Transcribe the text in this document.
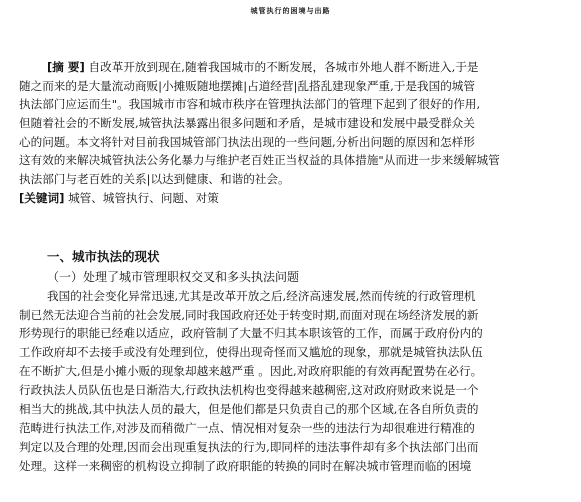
城管执行的困境与出路
[摘 要] 自改革开放到现在,随着我国城市的不断发展，各城市外地人群不断进入,于是
随之而来的是大量流动商贩|小摊贩随地摆摊|占道经营|乱搭乱建现象严重,于是我国的城管
执法部门应运而生"。我国城市市容和城市秩序在管理执法部门的管理下起到了很好的作用,
但随着社会的不断发展,城管执法暴露出很多问题和矛盾，是城市建设和发展中最受群众关
心的问题。本文将针对目前我国城管部门执法出现的一些问题,分析出问题的原因和怎样形
这有效的来解决城管执法公务化暴力与维护老百姓正当权益的具体措施"从而进一步来缓解城管
执法部门与老百姓的关系|以达到健康、和谐的社会。
[关键词] 城管、城管执行、问题、对策
一、城市执法的现状
（一）处理了城市管理职权交叉和多头执法问题
我国的社会变化异常迅速,尤其是改革开放之后,经济高速发展,然而传统的行政管理机
制已然无法迎合当前的社会发展,同时我国政府还处于转变时期,而面对现在场经济发展的新
形势现行的职能已经难以适应，政府管制了大量不归其本职该管的工作，而属于政府份内的
工作政府却不去接手或没有处理到位，使得出现奇怪而又尴尬的现象，那就是城管执法队伍
在不断扩大,但是小摊小贩的现象却越来越严重 。因此,对政府职能的有效再配置势在必行。
行政执法人员队伍也是日渐浩大,行政执法机构也变得越来越稠密,这对政府财政来说是一个
相当大的挑战,其中执法人员的最大，但是他们都是只负责自己的那个区域,在各自所负责的
范畴进行执法工作,对涉及而稍微广一点、情况相对复杂一些的违法行为却很难进行精准的
判定以及合理的处理,因而会出现重复执法的行为,即同样的违法事件却有多个执法部门出而
处理。这样一来稠密的机构设立抑制了政府职能的转换的同时在解决城市管理而临的困境
